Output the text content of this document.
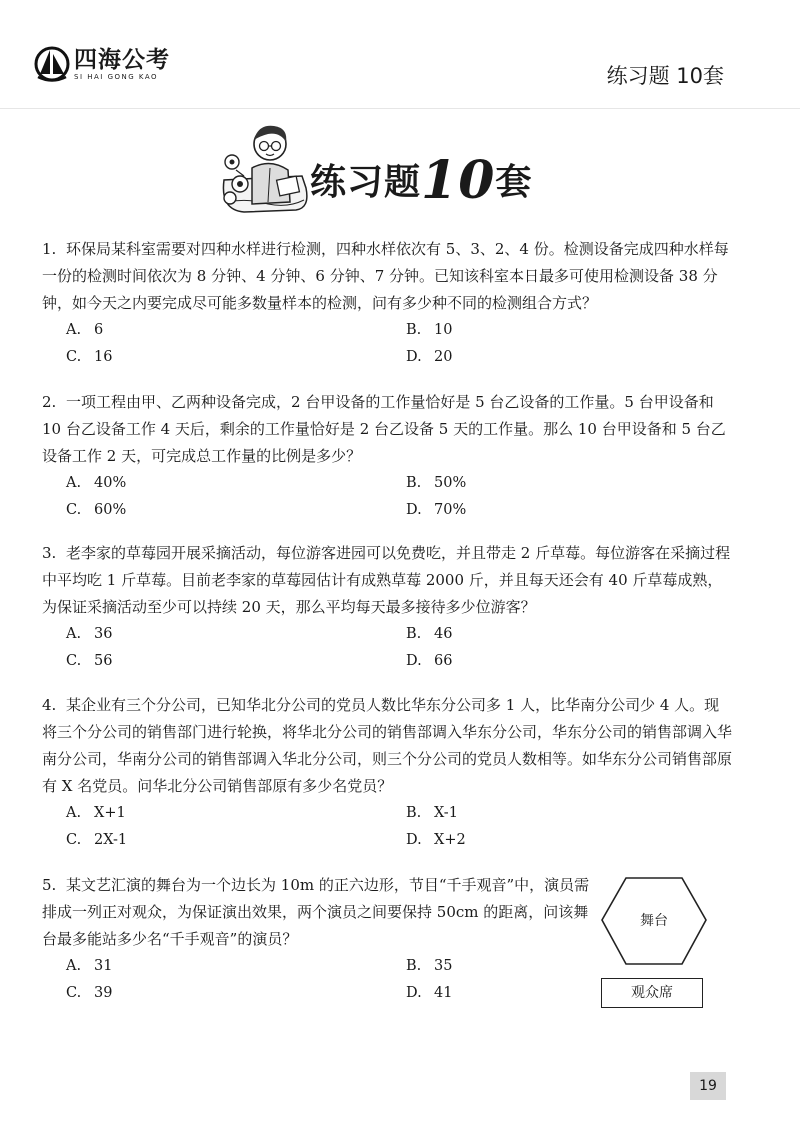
四海公考
SI HAI GONG KAO	练习题 10套
练习题10套

1. 环保局某科室需要对四种水样进行检测，四种水样依次有 5、3、2、4 份。检测设备完成四种水样每一份的检测时间依次为 8 分钟、4 分钟、6 分钟、7 分钟。已知该科室本日最多可使用检测设备 38 分钟，如今天之内要完成尽可能多数量样本的检测，问有多少种不同的检测组合方式？

A. 6	B. 10
C. 16	D. 20

2. 一项工程由甲、乙两种设备完成，2 台甲设备的工作量恰好是 5 台乙设备的工作量。5 台甲设备和 10 台乙设备工作 4 天后，剩余的工作量恰好是 2 台乙设备 5 天的工作量。那么 10 台甲设备和 5 台乙设备工作 2 天，可完成总工作量的比例是多少？

A. 40%	B. 50%
C. 60%	D. 70%

3. 老李家的草莓园开展采摘活动，每位游客进园可以免费吃，并且带走 2 斤草莓。每位游客在采摘过程中平均吃 1 斤草莓。目前老李家的草莓园估计有成熟草莓 2000 斤，并且每天还会有 40 斤草莓成熟，为保证采摘活动至少可以持续 20 天，那么平均每天最多接待多少位游客？

A. 36	B. 46
C. 56	D. 66

4. 某企业有三个分公司，已知华北分公司的党员人数比华东分公司多 1 人，比华南分公司少 4 人。现将三个分公司的销售部门进行轮换，将华北分公司的销售部调入华东分公司，华东分公司的销售部调入华南分公司，华南分公司的销售部调入华北分公司，则三个分公司的党员人数相等。如华东分公司销售部原有 X 名党员。问华北分公司销售部原有多少名党员？

A. X+1	B. X-1
C. 2X-1	D. X+2

5. 某文艺汇演的舞台为一个边长为 10m 的正六边形，节目“千手观音”中，演员需排成一列正对观众，为保证演出效果，两个演员之间要保持 50cm 的距离，问该舞台最多能站多少名“千手观音”的演员？

A. 31	B. 35
C. 39	D. 41
舞台
观众席
19
